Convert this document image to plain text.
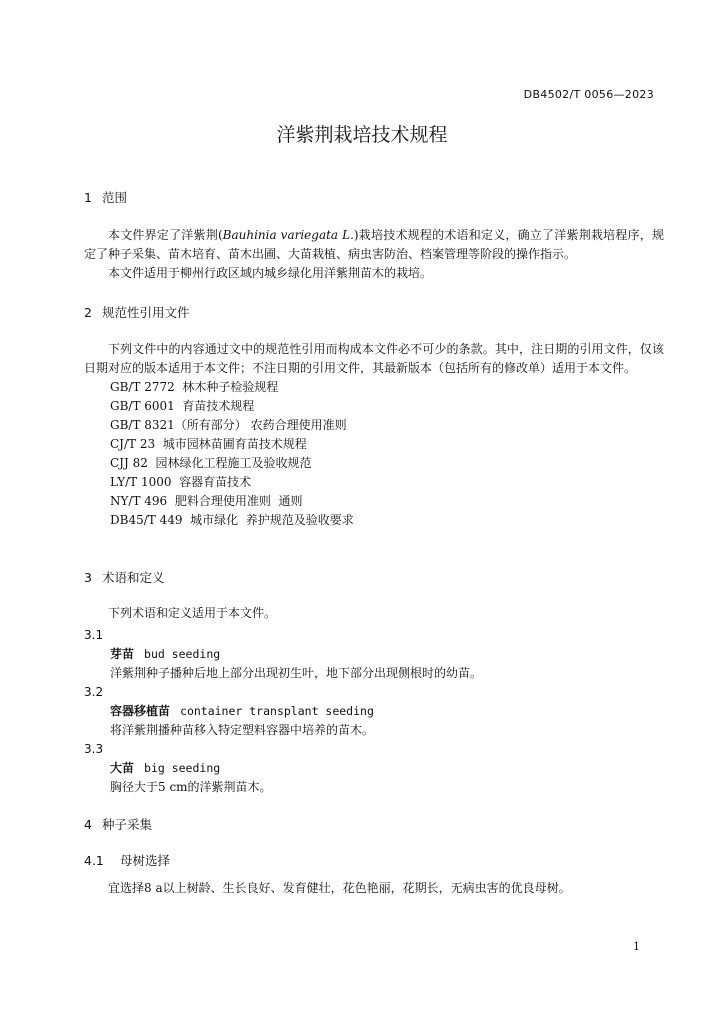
DB4502/T 0056—2023
洋紫荆栽培技术规程
1 范围
本文件界定了洋紫荆(Bauhinia variegata L.)栽培技术规程的术语和定义，确立了洋紫荆栽培程序，规定了种子采集、苗木培育、苗木出圃、大苗栽植、病虫害防治、档案管理等阶段的操作指示。
本文件适用于柳州行政区域内城乡绿化用洋紫荆苗木的栽培。
2 规范性引用文件
下列文件中的内容通过文中的规范性引用而构成本文件必不可少的条款。其中，注日期的引用文件，仅该日期对应的版本适用于本文件；不注日期的引用文件，其最新版本（包括所有的修改单）适用于本文件。
GB/T 2772  林木种子检验规程
GB/T 6001  育苗技术规程
GB/T 8321（所有部分） 农药合理使用准则
CJ/T 23  城市园林苗圃育苗技术规程
CJJ 82  园林绿化工程施工及验收规范
LY/T 1000  容器育苗技术
NY/T 496  肥料合理使用准则  通则
DB45/T 449  城市绿化  养护规范及验收要求
3 术语和定义
下列术语和定义适用于本文件。
3.1
芽苗 bud seeding
洋紫荆种子播种后地上部分出现初生叶，地下部分出现侧根时的幼苗。
3.2
容器移植苗 container transplant seeding
将洋紫荆播种苗移入特定塑料容器中培养的苗木。
3.3
大苗 big seeding
胸径大于5 cm的洋紫荆苗木。
4 种子采集
4.1 母树选择
宜选择8 a以上树龄、生长良好、发育健壮，花色艳丽，花期长，无病虫害的优良母树。
1
